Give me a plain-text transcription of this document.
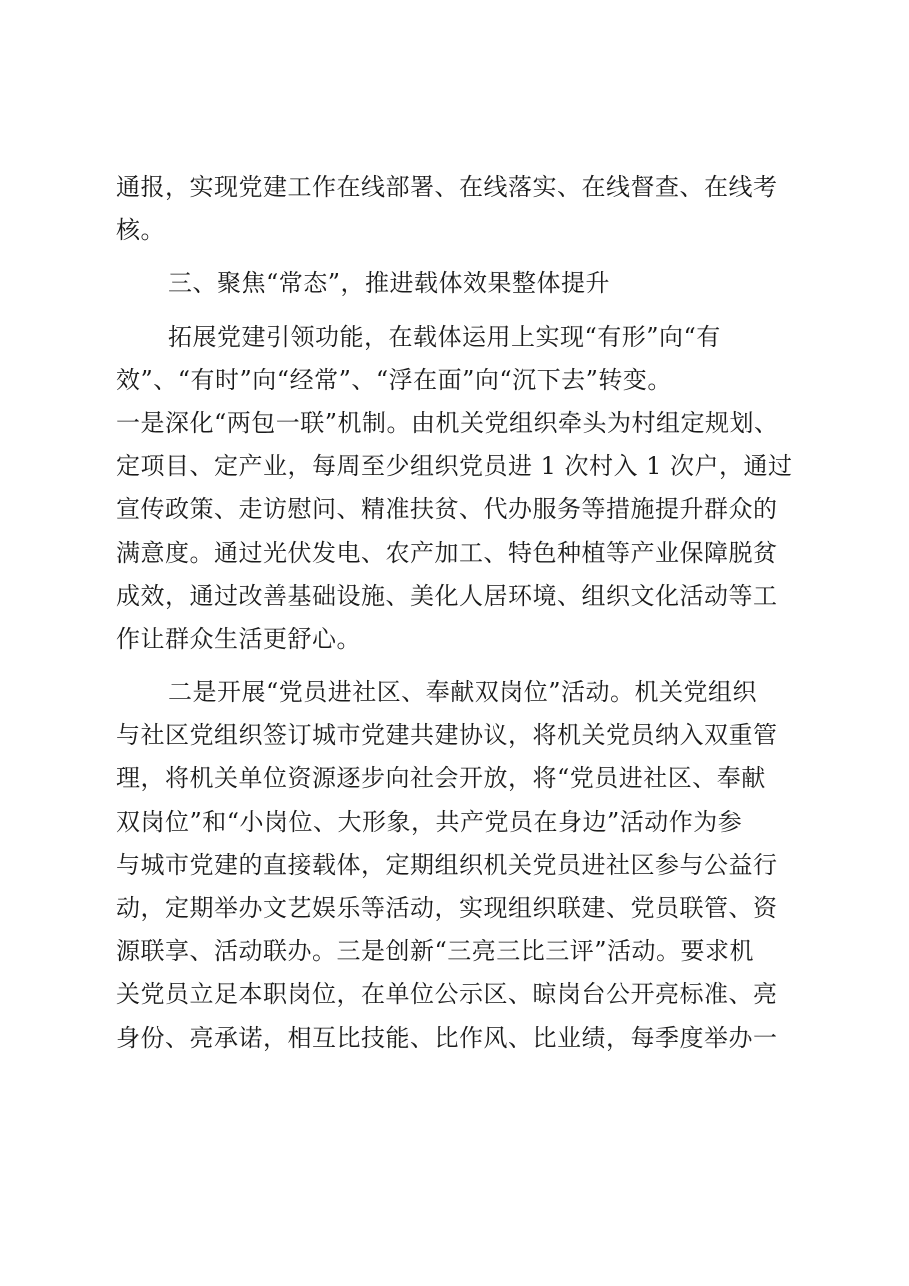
通报，实现党建工作在线部署、在线落实、在线督查、在线考
核。
三、聚焦“常态”，推进载体效果整体提升
拓展党建引领功能，在载体运用上实现“有形”向“有
效”、“有时”向“经常”、“浮在面”向“沉下去”转变。
一是深化“两包一联”机制。由机关党组织牵头为村组定规划、
定项目、定产业，每周至少组织党员进 1 次村入 1 次户，通过
宣传政策、走访慰问、精准扶贫、代办服务等措施提升群众的
满意度。通过光伏发电、农产加工、特色种植等产业保障脱贫
成效，通过改善基础设施、美化人居环境、组织文化活动等工
作让群众生活更舒心。
二是开展“党员进社区、奉献双岗位”活动。机关党组织
与社区党组织签订城市党建共建协议，将机关党员纳入双重管
理，将机关单位资源逐步向社会开放，将“党员进社区、奉献
双岗位”和“小岗位、大形象，共产党员在身边”活动作为参
与城市党建的直接载体，定期组织机关党员进社区参与公益行
动，定期举办文艺娱乐等活动，实现组织联建、党员联管、资
源联享、活动联办。三是创新“三亮三比三评”活动。要求机
关党员立足本职岗位，在单位公示区、晾岗台公开亮标准、亮
身份、亮承诺，相互比技能、比作风、比业绩，每季度举办一
